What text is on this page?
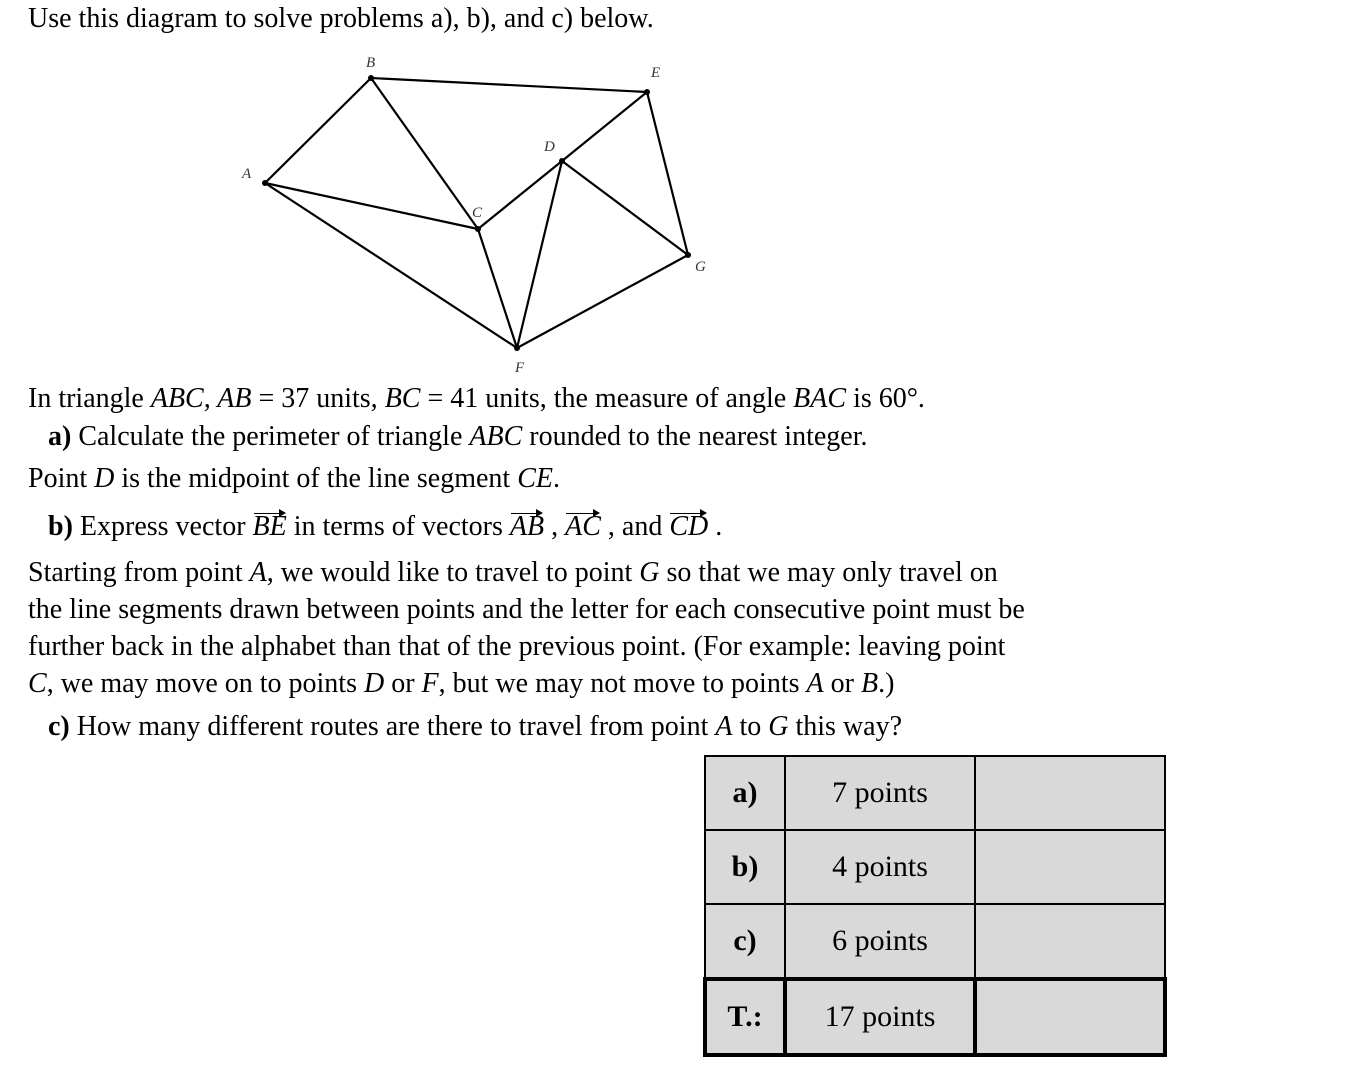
Use this diagram to solve problems a), b), and c) below.
A
B
C
D
E
F
G
In triangle ABC, AB = 37 units, BC = 41 units, the measure of angle BAC is 60°.
a) Calculate the perimeter of triangle ABC rounded to the nearest integer.
Point D is the midpoint of the line segment CE.
b) Express vector BE in terms of vectors AB , AC , and CD .
Starting from point A, we would like to travel to point G so that we may only travel on
the line segments drawn between points and the letter for each consecutive point must be
further back in the alphabet than that of the previous point. (For example: leaving point
C, we may move on to points D or F, but we may not move to points A or B.)
c) How many different routes are there to travel from point A to G this way?
a)	7 points	
b)	4 points	
c)	6 points	
T.:	17 points	
